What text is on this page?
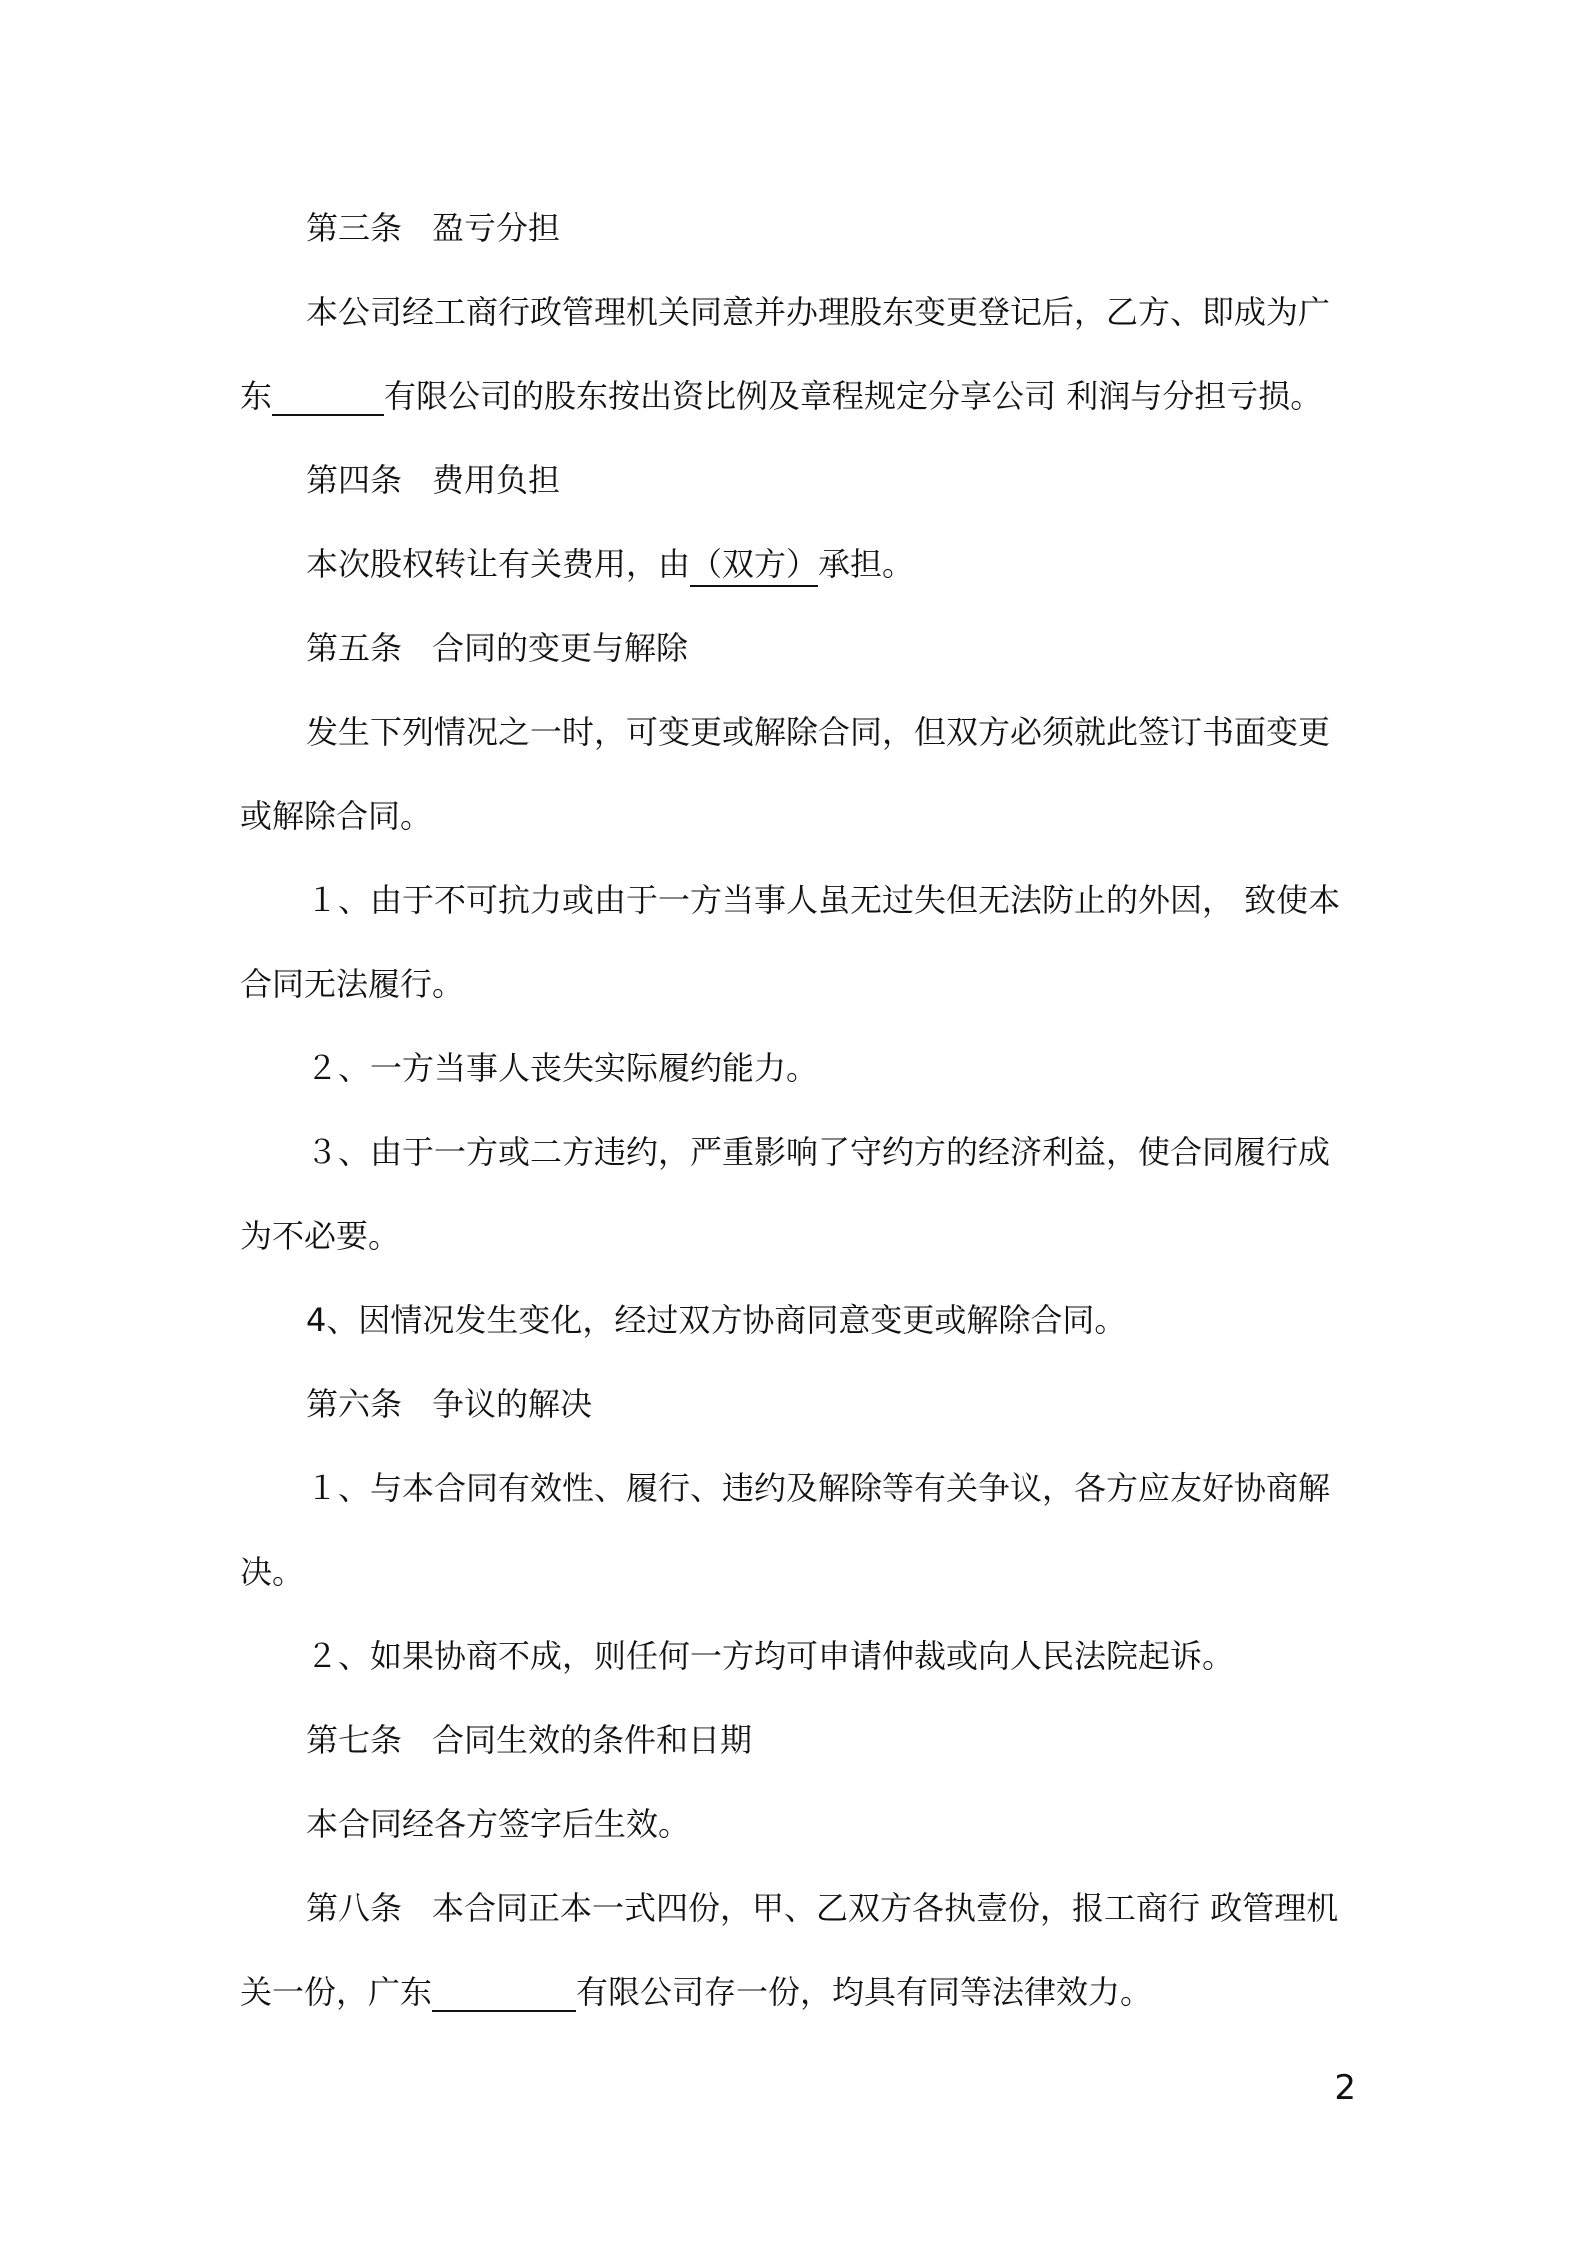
第三条 盈亏分担
本公司经工商行政管理机关同意并办理股东变更登记后，乙方、即成为广
东	有限公司的股东按出资比例及章程规定分享公司 利润与分担亏损。
第四条 费用负担
本次股权转让有关费用，由（双方）承担。
第五条 合同的变更与解除
发生下列情况之一时，可变更或解除合同，但双方必须就此签订书面变更
或解除合同。
１、由于不可抗力或由于一方当事人虽无过失但无法防止的外因， 致使本
合同无法履行。
２、一方当事人丧失实际履约能力。
３、由于一方或二方违约，严重影响了守约方的经济利益，使合同履行成
为不必要。
4、因情况发生变化，经过双方协商同意变更或解除合同。
第六条 争议的解决
１、与本合同有效性、履行、违约及解除等有关争议，各方应友好协商解
决。
２、如果协商不成，则任何一方均可申请仲裁或向人民法院起诉。
第七条 合同生效的条件和日期
本合同经各方签字后生效。
第八条 本合同正本一式四份，甲、乙双方各执壹份，报工商行 政管理机
关一份，广东	有限公司存一份，均具有同等法律效力。
2
